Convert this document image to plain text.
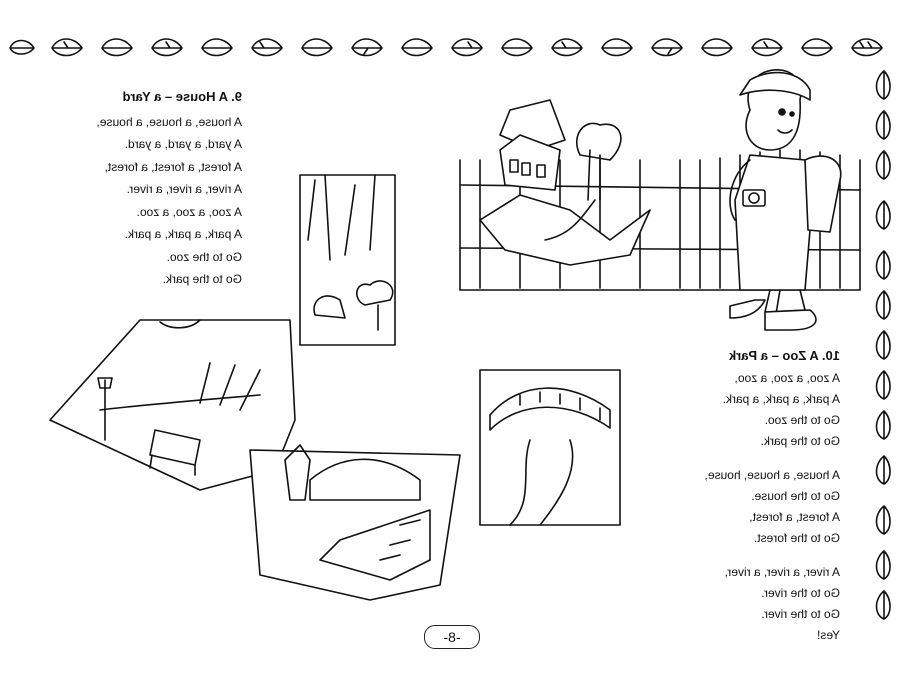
9. A House – a Yard
A house, a house, a house,
A yard, a yard, a yard.
A forest, a forest, a forest,
A river, a river, a river.
A zoo, a zoo, a zoo.
A park, a park, a park.
Go to the zoo.
Go to the park.
10. A Zoo – a Park
A zoo, a zoo, a zoo,
A park, a park, a park.
Go to the zoo.
Go to the park.
A house, a house, house,
Go to the house.
A forest, a forest,
Go to the forest.
A river, a river, a river,
Go to the river.
Go to the river.
Yes!
-8-
